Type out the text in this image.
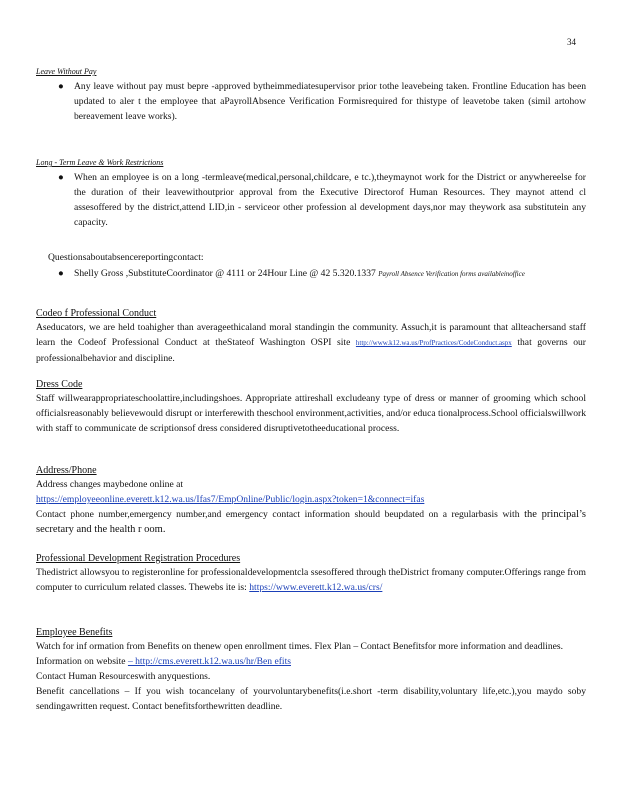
34
Leave Without Pay
● Any leave without pay must bepre -approved bytheimmediatesupervisor prior tothe leavebeing taken. Frontline Education has been updated to aler t the employee that aPayrollAbsence Verification Formisrequired for thistype of leavetobe taken (simil artohow bereavement leave works).
Long - Term Leave & Work Restrictions
● When an employee is on a long -termleave(medical,personal,childcare, e tc.),theymaynot work for the District or anywhereelse for the duration of their leavewithoutprior approval from the Executive Directorof Human Resources. They maynot attend cl assesoffered by the district,attend LID,in - serviceor other profession al development days,nor may theywork asa substitutein any capacity.
Questionsaboutabsencereportingcontact:
● Shelly Gross ,SubstituteCoordinator @ 4111 or 24Hour Line @ 42 5.320.1337 Payroll Absence Verification forms availableinoffice
Codeo f Professional Conduct
Aseducators, we are held toahigher than averageethicaland moral standingin the community. Assuch,it is paramount that allteachersand staff learn the Codeof Professional Conduct at theStateof Washington OSPI site http://www.k12.wa.us/ProfPractices/CodeConduct.aspx that governs our professionalbehavior and discipline.
Dress Code
Staff willwearappropriateschoolattire,includingshoes. Appropriate attireshall excludeany type of dress or manner of grooming which school officialsreasonably believewould disrupt or interferewith theschool environment,activities, and/or educa tionalprocess.School officialswillwork with staff to communicate de scriptionsof dress considered disruptivetotheeducational process.
Address/Phone
Address changes maybedone online at
https://employeeonline.everett.k12.wa.us/Ifas7/EmpOnline/Public/login.aspx?token=1&connect=ifas
Contact phone number,emergency number,and emergency contact information should beupdated on a regularbasis with the principal’s secretary and the health r oom.
Professional Development Registration Procedures
Thedistrict allowsyou to registeronline for professionaldevelopmentcla ssesoffered through theDistrict fromany computer.Offerings range from computer to curriculum related classes. Thewebs ite is: https://www.everett.k12.wa.us/crs/
Employee Benefits
Watch for inf ormation from Benefits on thenew open enrollment times. Flex Plan – Contact Benefitsfor more information and deadlines.
Information on website – http://cms.everett.k12.wa.us/hr/Ben efits
Contact Human Resourceswith anyquestions.
Benefit cancellations – If you wish tocancelany of yourvoluntarybenefits(i.e.short -term disability,voluntary life,etc.),you maydo soby sendingawritten request. Contact benefitsforthewritten deadline.
